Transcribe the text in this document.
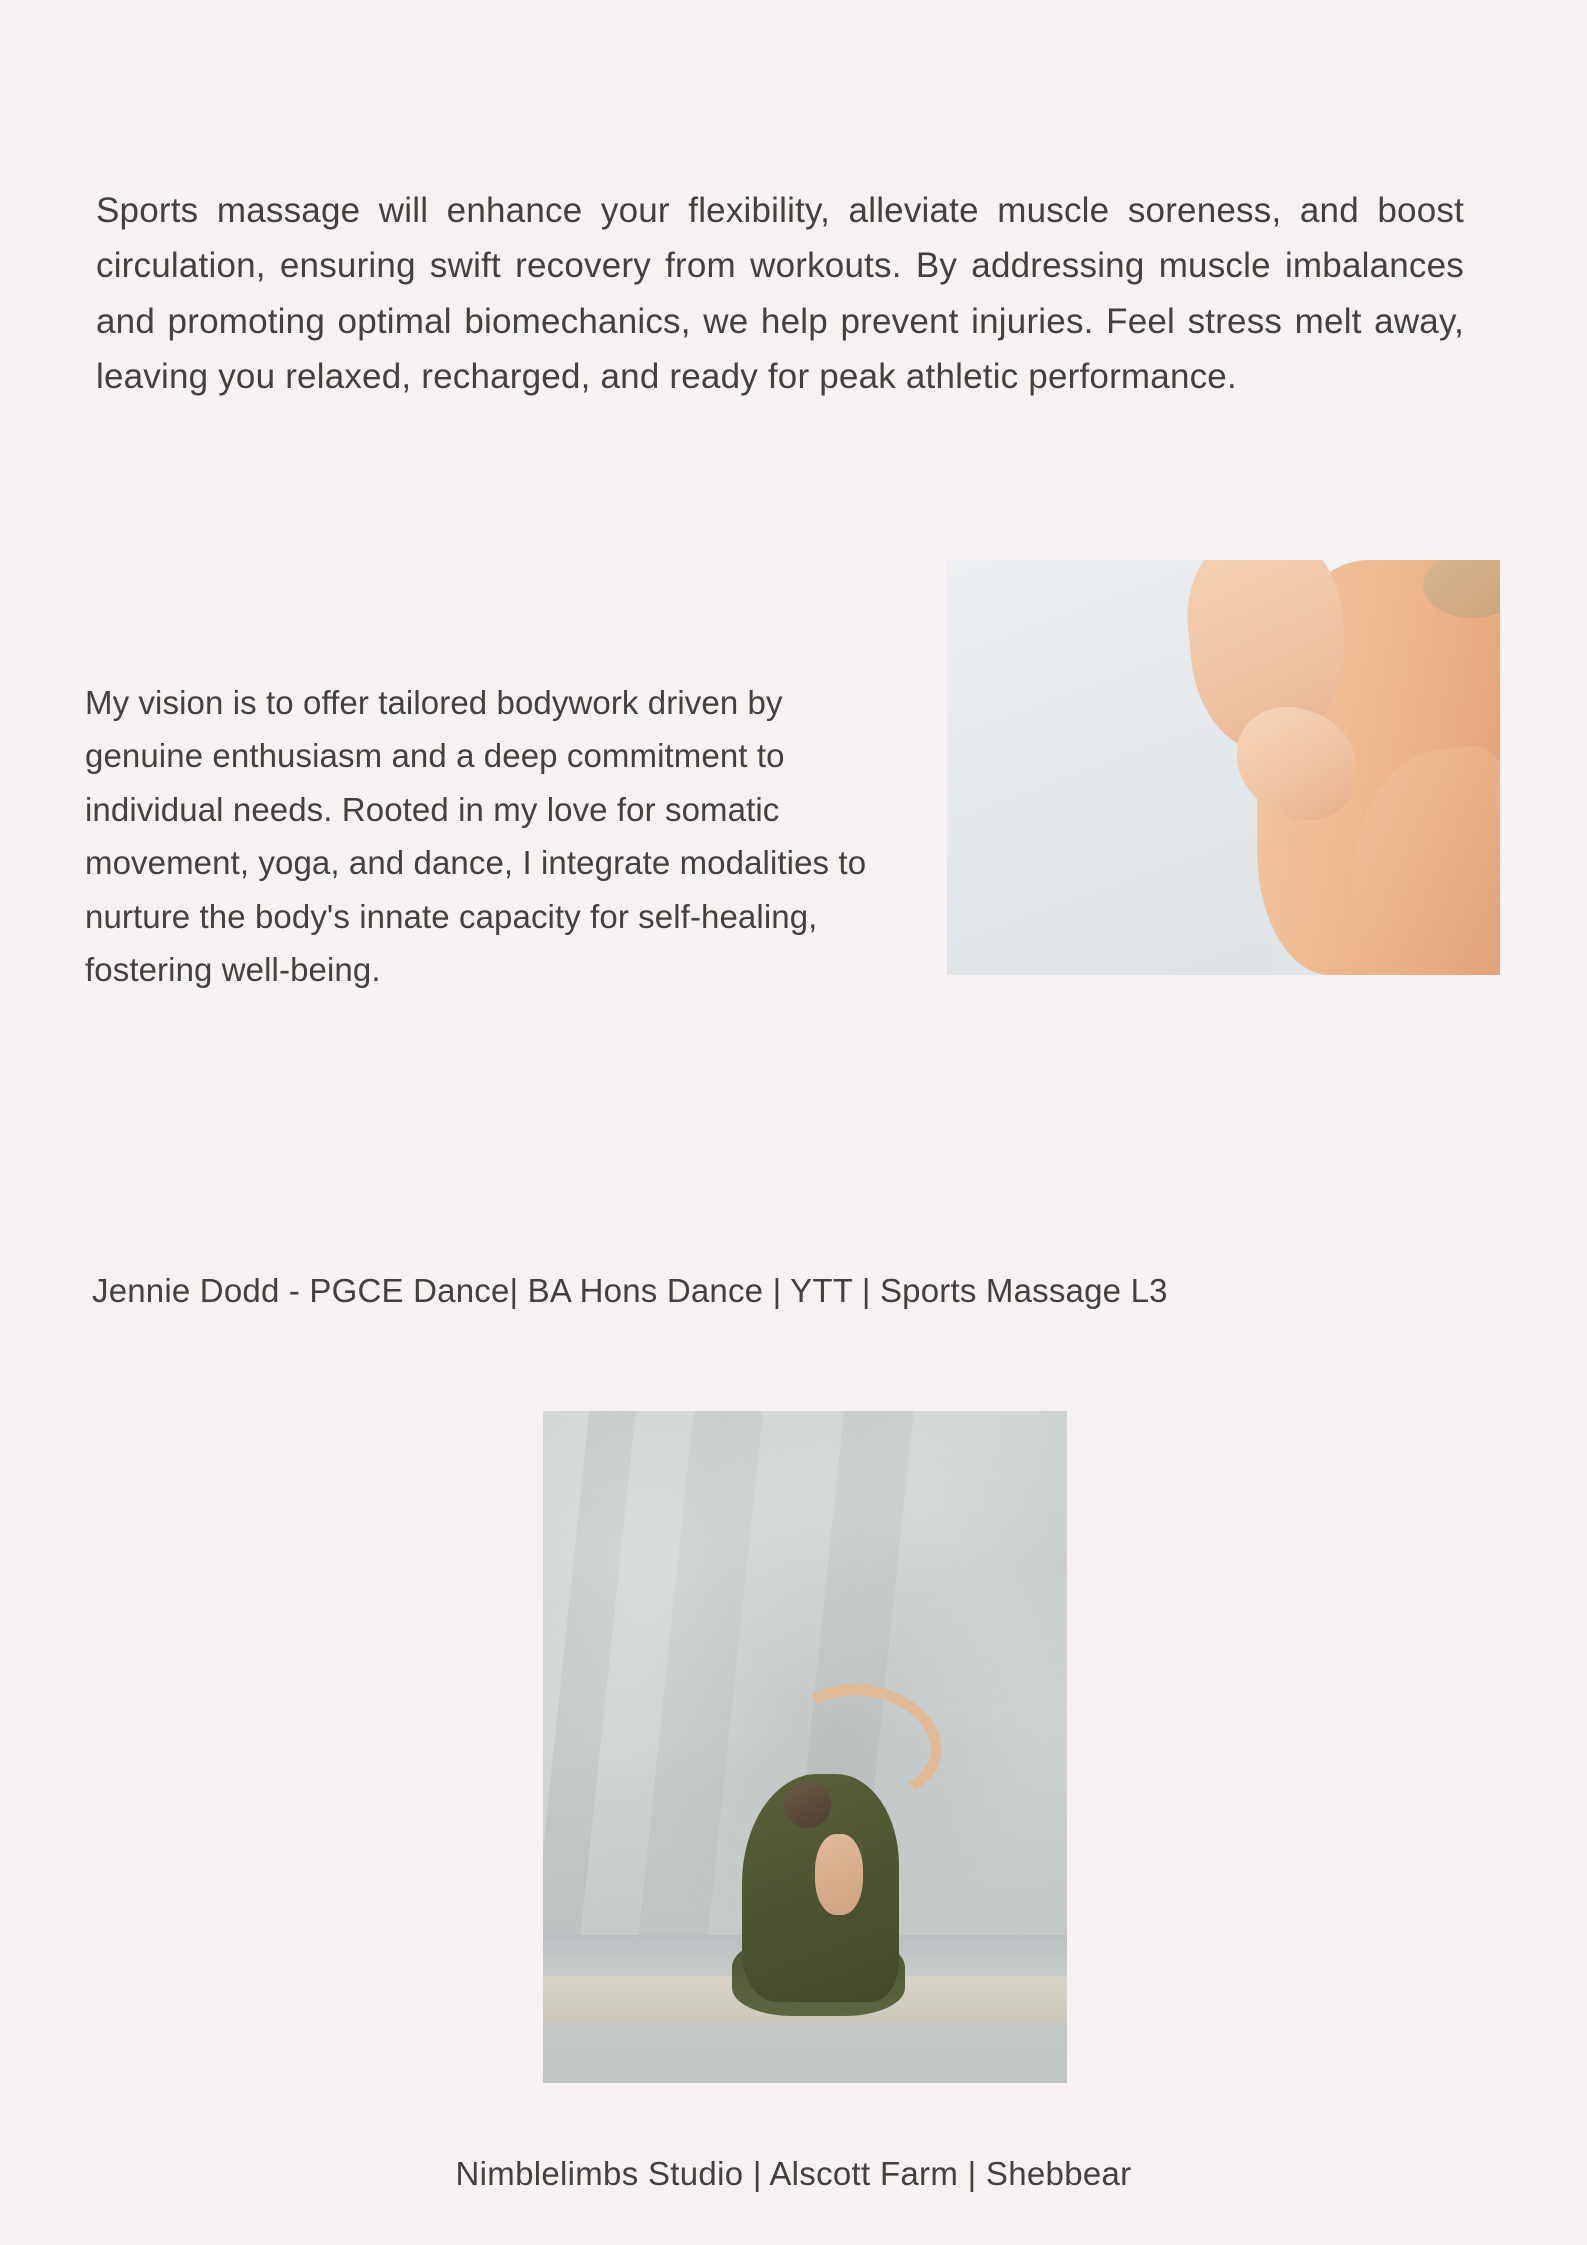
Sports massage will enhance your flexibility, alleviate muscle soreness, and boost circulation, ensuring swift recovery from workouts. By addressing muscle imbalances and promoting optimal biomechanics, we help prevent injuries. Feel stress melt away, leaving you relaxed, recharged, and ready for peak athletic performance.

My vision is to offer tailored bodywork driven by genuine enthusiasm and a deep commitment to individual needs. Rooted in my love for somatic movement, yoga, and dance, I integrate modalities to nurture the body's innate capacity for self-healing, fostering well-being.

Jennie Dodd - PGCE Dance| BA Hons Dance | YTT | Sports Massage L3
Nimblelimbs Studio | Alscott Farm | Shebbear
